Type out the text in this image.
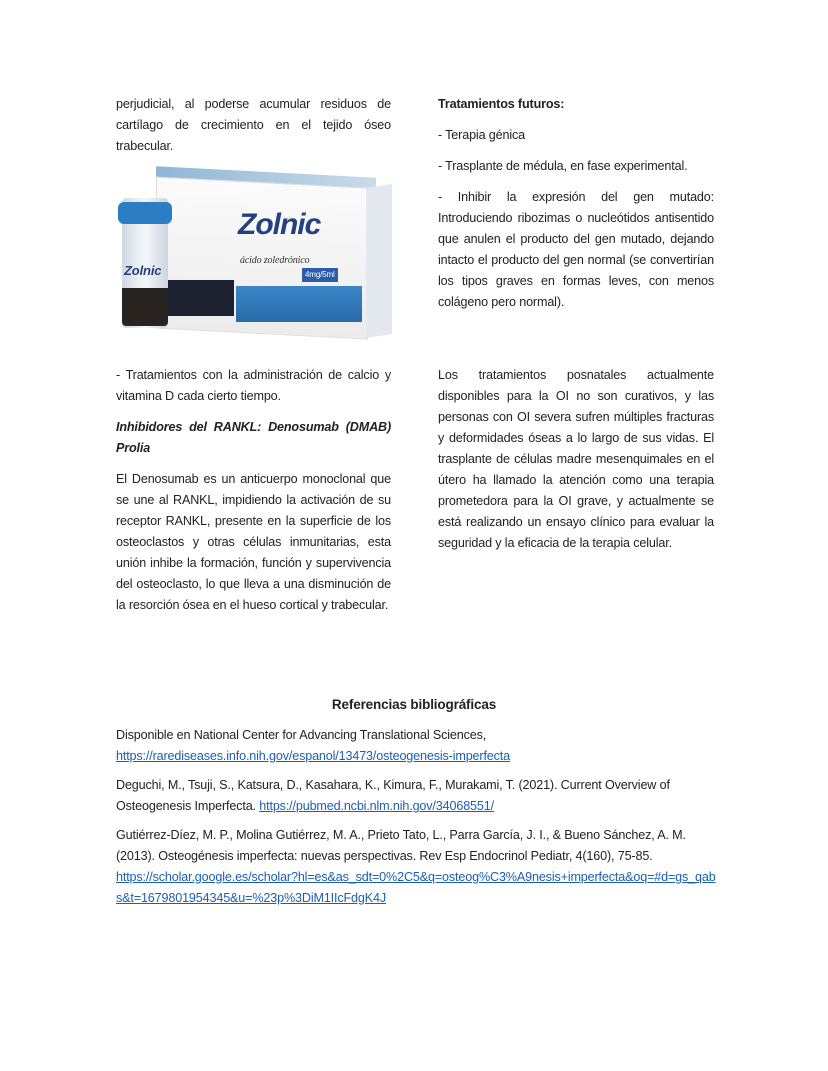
perjudicial, al poderse acumular residuos de cartílago de crecimiento en el tejido óseo trabecular.

Zolnic
ácido zoledrónico
4mg/5ml
Zolnic

- Tratamientos con la administración de calcio y vitamina D cada cierto tiempo.

Inhibidores del RANKL: Denosumab (DMAB) Prolia

El Denosumab es un anticuerpo monoclonal que se une al RANKL, impidiendo la activación de su receptor RANKL, presente en la superficie de los osteoclastos y otras células inmunitarias, esta unión inhibe la formación, función y supervivencia del osteoclasto, lo que lleva a una disminución de la resorción ósea en el hueso cortical y trabecular.

Tratamientos futuros:

- Terapia génica

- Trasplante de médula, en fase experimental.

- Inhibir la expresión del gen mutado: Introduciendo ribozimas o nucleótidos antisentido que anulen el producto del gen mutado, dejando intacto el producto del gen normal (se convertirían los tipos graves en formas leves, con menos colágeno pero normal).

Los tratamientos posnatales actualmente disponibles para la OI no son curativos, y las personas con OI severa sufren múltiples fracturas y deformidades óseas a lo largo de sus vidas. El trasplante de células madre mesenquimales en el útero ha llamado la atención como una terapia prometedora para la OI grave, y actualmente se está realizando un ensayo clínico para evaluar la seguridad y la eficacia de la terapia celular.

Referencias bibliográficas

Disponible en National Center for Advancing Translational Sciences,
https://rarediseases.info.nih.gov/espanol/13473/osteogenesis-imperfecta

Deguchi, M., Tsuji, S., Katsura, D., Kasahara, K., Kimura, F., Murakami, T. (2021). Current Overview of Osteogenesis Imperfecta. https://pubmed.ncbi.nlm.nih.gov/34068551/

Gutiérrez-Díez, M. P., Molina Gutiérrez, M. A., Prieto Tato, L., Parra García, J. I., & Bueno Sánchez, A. M. (2013). Osteogénesis imperfecta: nuevas perspectivas. Rev Esp Endocrinol Pediatr, 4(160), 75-85.
https://scholar.google.es/scholar?hl=es&as_sdt=0%2C5&q=osteog%C3%A9nesis+imperfecta&oq=#d=gs_qabs&t=1679801954345&u=%23p%3DiM1IIcFdgK4J
